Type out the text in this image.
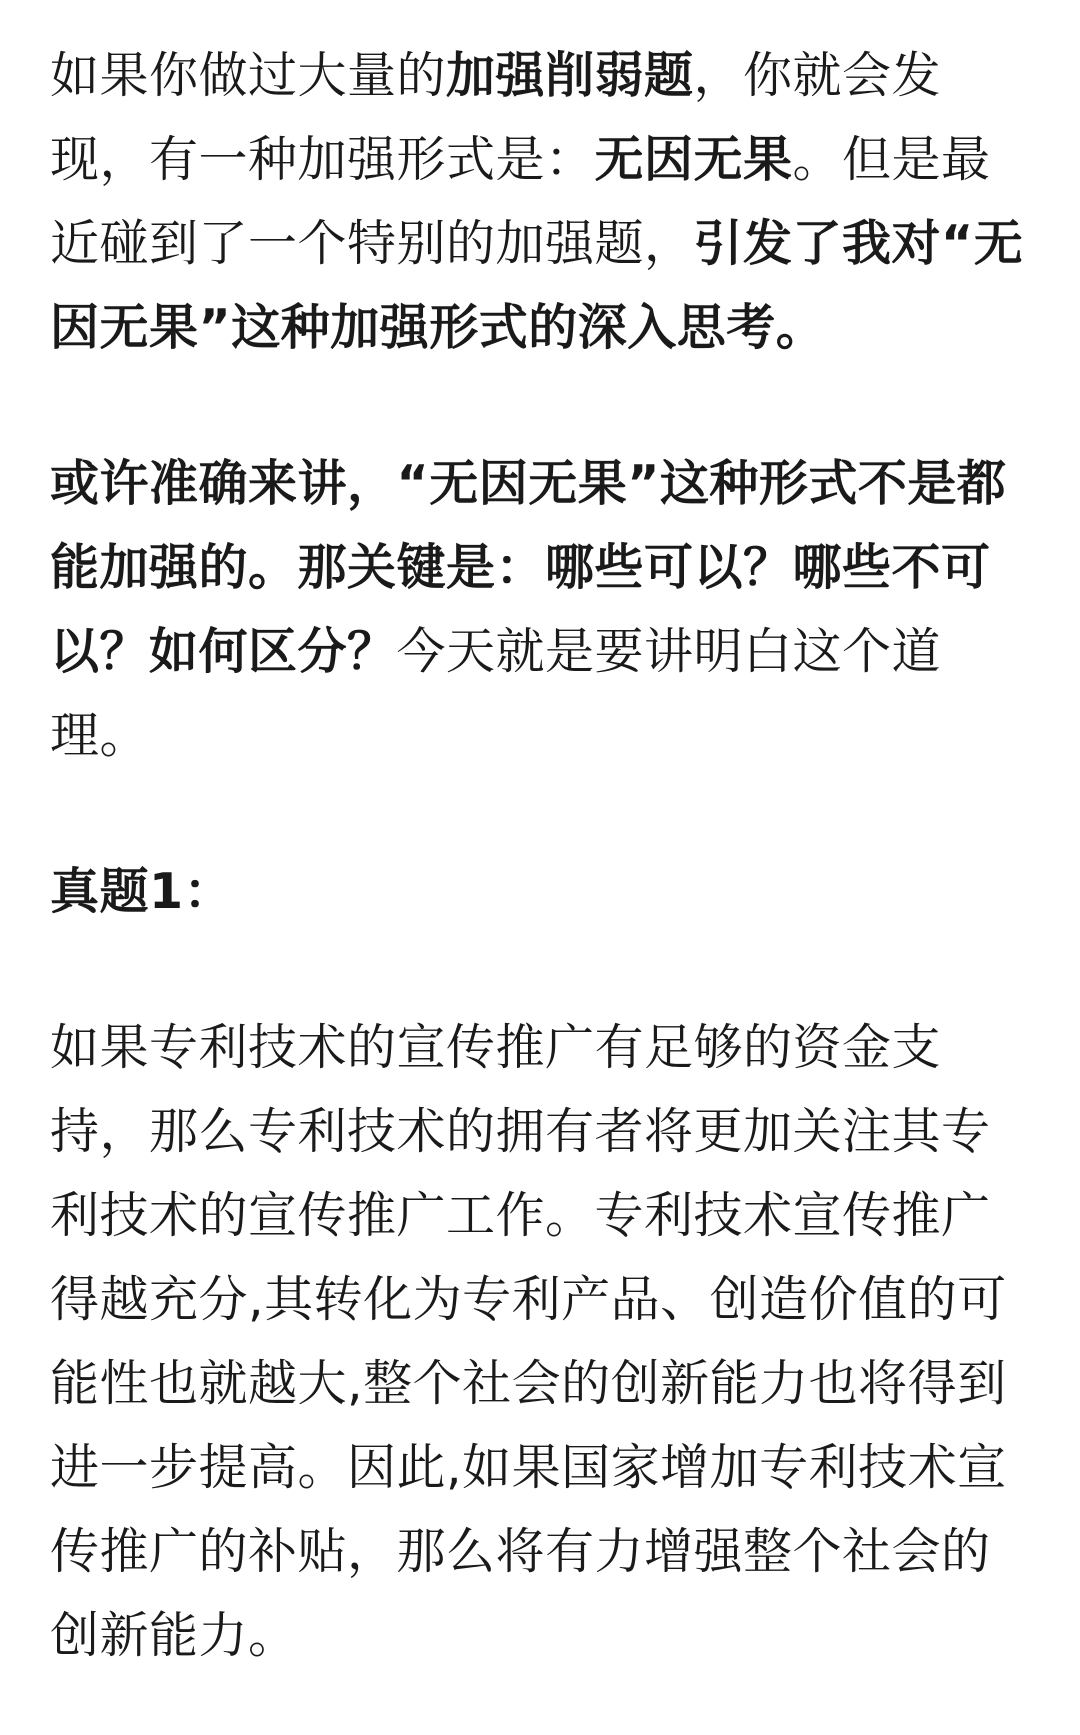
如果你做过大量的加强削弱题，你就会发现，有一种加强形式是：无因无果。但是最近碰到了一个特别的加强题，引发了我对“无因无果”这种加强形式的深入思考。

或许准确来讲，“无因无果”这种形式不是都能加强的。那关键是：哪些可以？哪些不可以？如何区分？今天就是要讲明白这个道理。

真题1：

如果专利技术的宣传推广有足够的资金支持，那么专利技术的拥有者将更加关注其专利技术的宣传推广工作。专利技术宣传推广得越充分,其转化为专利产品、创造价值的可能性也就越大,整个社会的创新能力也将得到进一步提高。因此,如果国家增加专利技术宣传推广的补贴，那么将有力增强整个社会的创新能力。
